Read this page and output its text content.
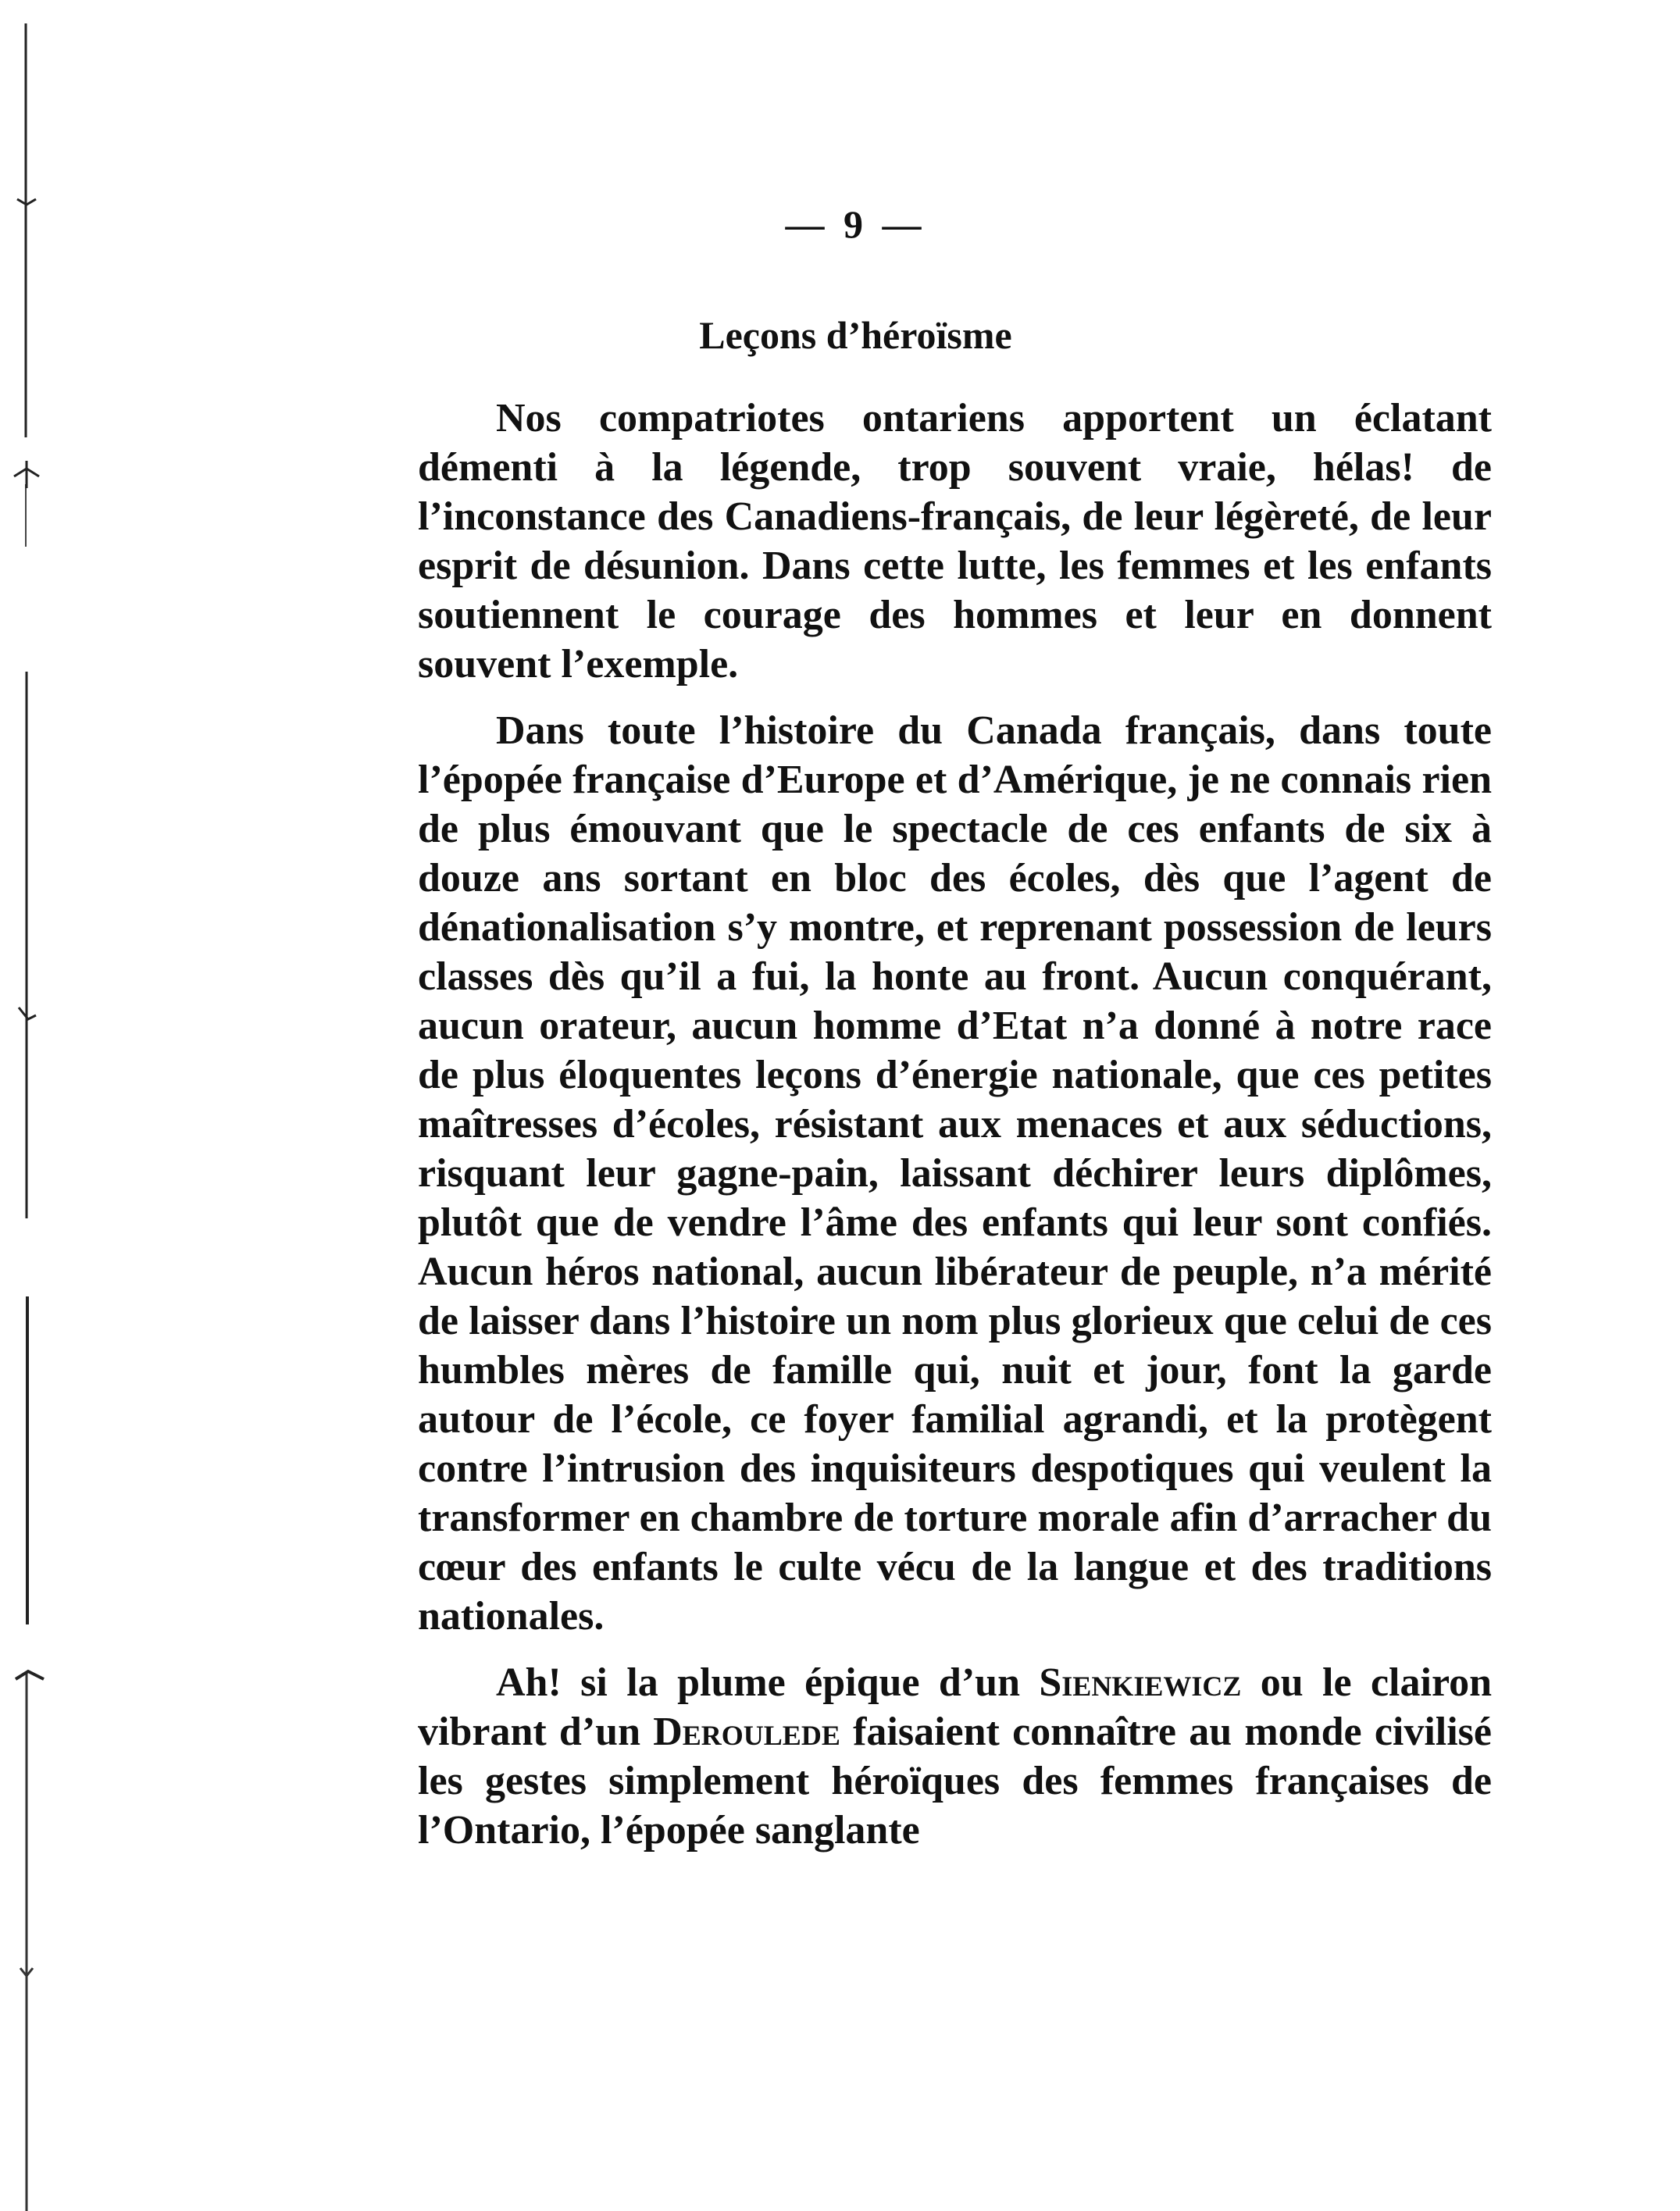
— 9 —
Leçons d’héroïsme

Nos compatriotes ontariens apportent un éclatant démenti à la légende, trop souvent vraie, hélas! de l’inconstance des Canadiens-français, de leur légèreté, de leur esprit de désunion. Dans cette lutte, les femmes et les enfants soutiennent le courage des hommes et leur en donnent souvent l’exemple.

Dans toute l’histoire du Canada français, dans toute l’épopée française d’Europe et d’Amérique, je ne connais rien de plus émouvant que le spectacle de ces enfants de six à douze ans sortant en bloc des écoles, dès que l’agent de dénationalisation s’y montre, et reprenant possession de leurs classes dès qu’il a fui, la honte au front. Aucun conquérant, aucun orateur, aucun homme d’Etat n’a donné à notre race de plus éloquentes leçons d’énergie nationale, que ces petites maîtresses d’écoles, résistant aux menaces et aux séductions, risquant leur gagne-pain, laissant déchirer leurs diplômes, plutôt que de vendre l’âme des enfants qui leur sont confiés. Aucun héros national, aucun libérateur de peuple, n’a mérité de laisser dans l’histoire un nom plus glorieux que celui de ces humbles mères de famille qui, nuit et jour, font la garde autour de l’école, ce foyer familial agrandi, et la protègent contre l’intrusion des inquisiteurs despotiques qui veulent la transformer en chambre de torture morale afin d’arracher du cœur des enfants le culte vécu de la langue et des traditions nationales.

Ah! si la plume épique d’un Sienkiewicz ou le clairon vibrant d’un Deroulede faisaient connaître au monde civilisé les gestes simplement héroïques des femmes françaises de l’Ontario, l’épopée sanglante
